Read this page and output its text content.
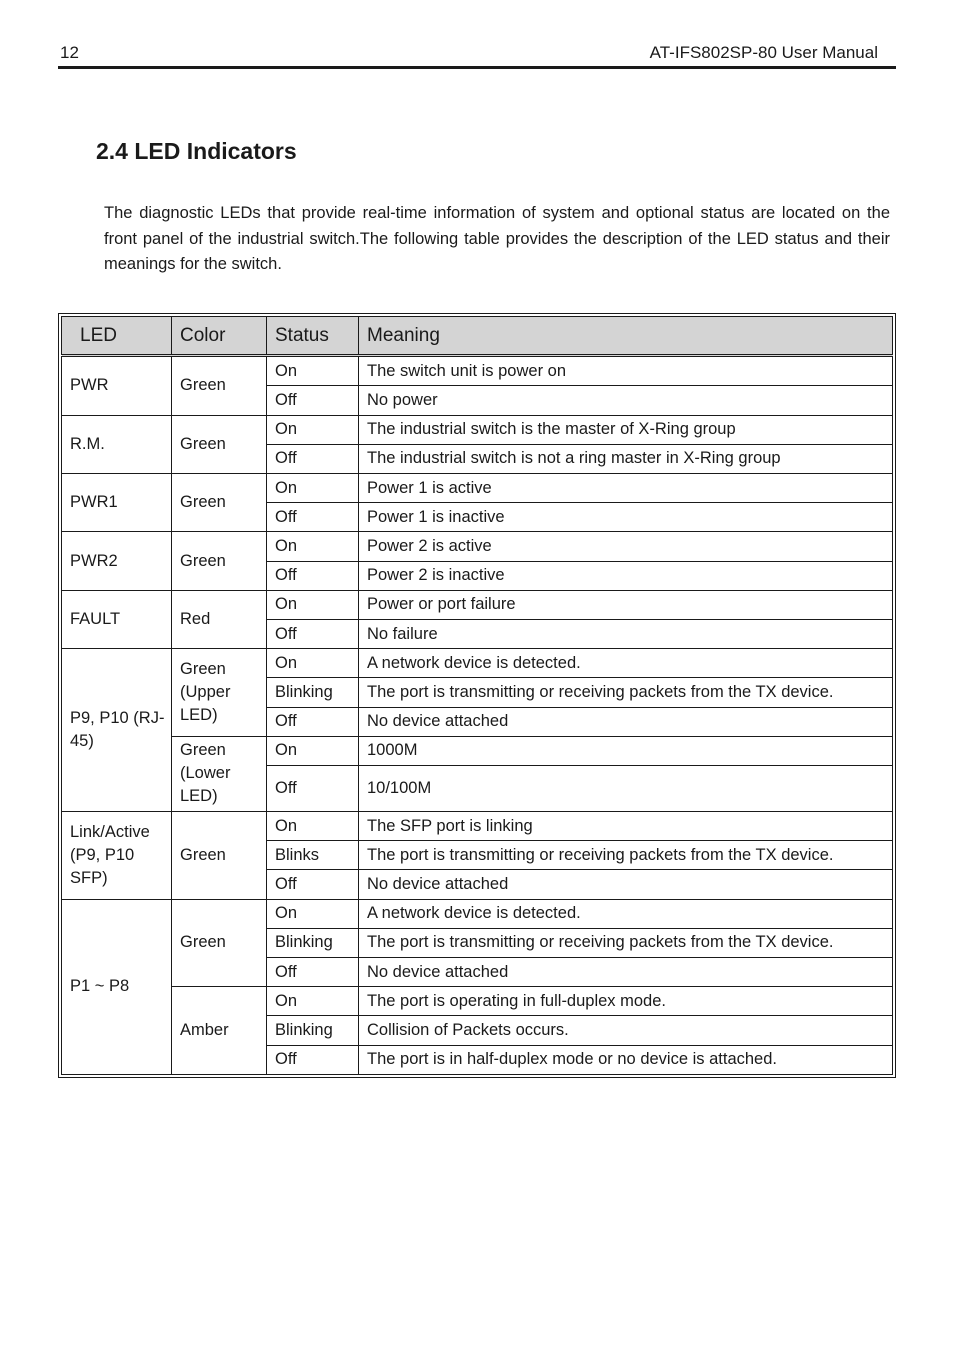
12	AT-IFS802SP-80 User Manual
2.4 LED Indicators

The diagnostic LEDs that provide real-time information of system and optional status are located on the front panel of the industrial switch.The following table provides the description of the LED status and their meanings for the switch.

LED	Color	Status	Meaning
PWR	Green	On	The switch unit is power on
		Off	No power
R.M.	Green	On	The industrial switch is the master of X-Ring group
		Off	The industrial switch is not a ring master in X-Ring group
PWR1	Green	On	Power 1 is active
		Off	Power 1 is inactive
PWR2	Green	On	Power 2 is active
		Off	Power 2 is inactive
FAULT	Red	On	Power or port failure
		Off	No failure
P9, P10 (RJ-45)	Green (Upper LED)	On	A network device is detected.
		Blinking	The port is transmitting or receiving packets from the TX device.
		Off	No device attached
	Green (Lower LED)	On	1000M
		Off	10/100M
Link/Active (P9, P10 SFP)	Green	On	The SFP port is linking
		Blinks	The port is transmitting or receiving packets from the TX device.
		Off	No device attached
P1 ~ P8	Green	On	A network device is detected.
		Blinking	The port is transmitting or receiving packets from the TX device.
		Off	No device attached
	Amber	On	The port is operating in full-duplex mode.
		Blinking	Collision of Packets occurs.
		Off	The port is in half-duplex mode or no device is attached.
